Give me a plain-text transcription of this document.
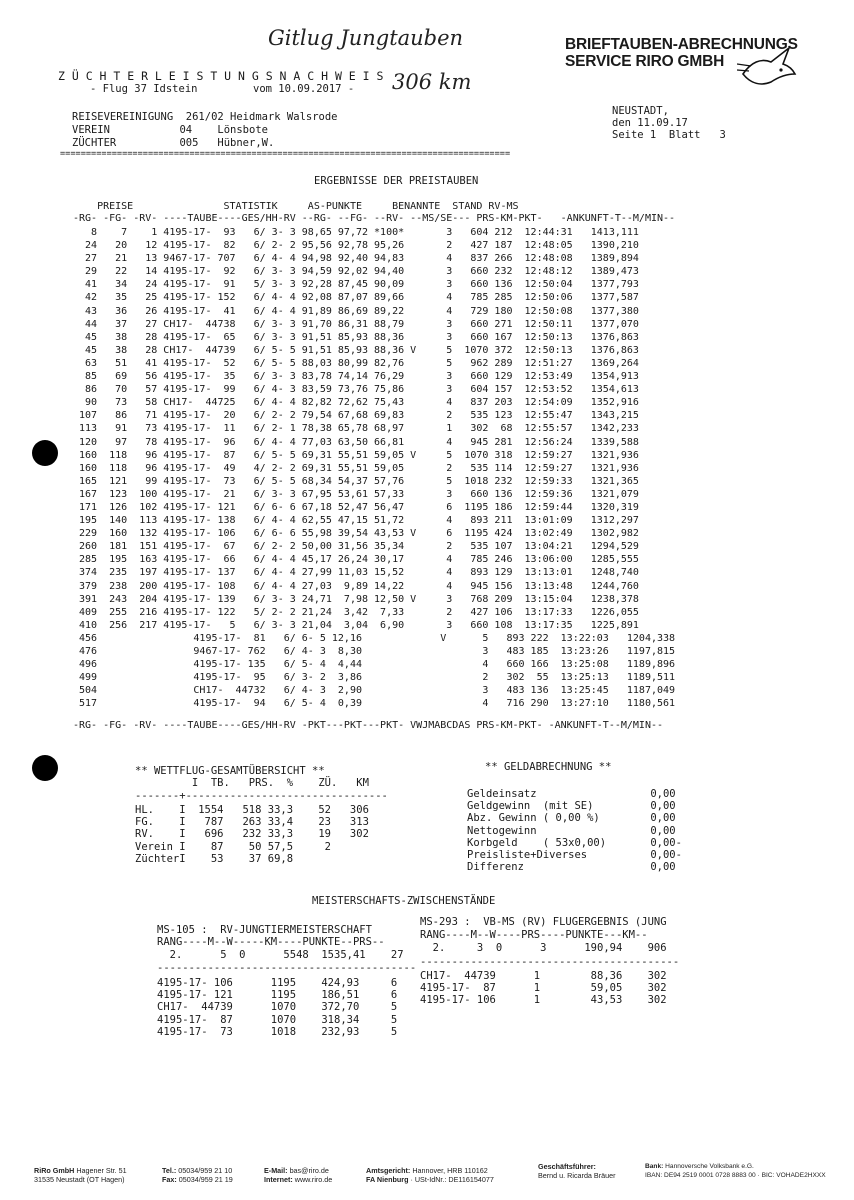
Gitlug Jungtauben
306 km
BRIEFTAUBEN-ABRECHNUNGS
SERVICE RIRO GMBH
Z Ü C H T E R L E I S T U N G S N A C H W E I S
- Flug 37 Idstein	vom 10.09.2017 -
NEUSTADT,
den 11.09.17
Seite 1  Blatt   3
REISEVEREINIGUNG  261/02 Heidmark Walsrode
VEREIN           04    Lönsbote
ZÜCHTER          005   Hübner,W.
=======================================================================================
ERGEBNISSE DER PREISTAUBEN
PREISE               STATISTIK     AS-PUNKTE     BENANNTE  STAND RV-MS
-RG- -FG- -RV- ----TAUBE----GES/HH-RV --RG- --FG- --RV- --MS/SE--- PRS-KM-PKT-   -ANKUNFT-T--M/MIN--
8    7    1 4195-17-  93   6/ 3- 3 98,65 97,72 *100*       3   604 212  12:44:31   1413,111
24   20   12 4195-17-  82   6/ 2- 2 95,56 92,78 95,26       2   427 187  12:48:05   1390,210
27   21   13 9467-17- 707   6/ 4- 4 94,98 92,40 94,83       4   837 266  12:48:08   1389,894
29   22   14 4195-17-  92   6/ 3- 3 94,59 92,02 94,40       3   660 232  12:48:12   1389,473
41   34   24 4195-17-  91   5/ 3- 3 92,28 87,45 90,09       3   660 136  12:50:04   1377,793
42   35   25 4195-17- 152   6/ 4- 4 92,08 87,07 89,66       4   785 285  12:50:06   1377,587
43   36   26 4195-17-  41   6/ 4- 4 91,89 86,69 89,22       4   729 180  12:50:08   1377,380
44   37   27 CH17-  44738   6/ 3- 3 91,70 86,31 88,79       3   660 271  12:50:11   1377,070
45   38   28 4195-17-  65   6/ 3- 3 91,51 85,93 88,36       3   660 167  12:50:13   1376,863
45   38   28 CH17-  44739   6/ 5- 5 91,51 85,93 88,36 V     5  1070 372  12:50:13   1376,863
63   51   41 4195-17-  52   6/ 5- 5 88,03 80,99 82,76       5   962 289  12:51:27   1369,264
85   69   56 4195-17-  35   6/ 3- 3 83,78 74,14 76,29       3   660 129  12:53:49   1354,913
86   70   57 4195-17-  99   6/ 4- 3 83,59 73,76 75,86       3   604 157  12:53:52   1354,613
90   73   58 CH17-  44725   6/ 4- 4 82,82 72,62 75,43       4   837 203  12:54:09   1352,916
107   86   71 4195-17-  20   6/ 2- 2 79,54 67,68 69,83       2   535 123  12:55:47   1343,215
113   91   73 4195-17-  11   6/ 2- 1 78,38 65,78 68,97       1   302  68  12:55:57   1342,233
120   97   78 4195-17-  96   6/ 4- 4 77,03 63,50 66,81       4   945 281  12:56:24   1339,588
160  118   96 4195-17-  87   6/ 5- 5 69,31 55,51 59,05 V     5  1070 318  12:59:27   1321,936
160  118   96 4195-17-  49   4/ 2- 2 69,31 55,51 59,05       2   535 114  12:59:27   1321,936
165  121   99 4195-17-  73   6/ 5- 5 68,34 54,37 57,76       5  1018 232  12:59:33   1321,365
167  123  100 4195-17-  21   6/ 3- 3 67,95 53,61 57,33       3   660 136  12:59:36   1321,079
171  126  102 4195-17- 121   6/ 6- 6 67,18 52,47 56,47       6  1195 186  12:59:44   1320,319
195  140  113 4195-17- 138   6/ 4- 4 62,55 47,15 51,72       4   893 211  13:01:09   1312,297
229  160  132 4195-17- 106   6/ 6- 6 55,98 39,54 43,53 V     6  1195 424  13:02:49   1302,982
260  181  151 4195-17-  67   6/ 2- 2 50,00 31,56 35,34       2   535 107  13:04:21   1294,529
285  195  163 4195-17-  66   6/ 4- 4 45,17 26,24 30,17       4   785 246  13:06:00   1285,555
374  235  197 4195-17- 137   6/ 4- 4 27,99 11,03 15,52       4   893 129  13:13:01   1248,740
379  238  200 4195-17- 108   6/ 4- 4 27,03  9,89 14,22       4   945 156  13:13:48   1244,760
391  243  204 4195-17- 139   6/ 3- 3 24,71  7,98 12,50 V     3   768 209  13:15:04   1238,378
409  255  216 4195-17- 122   5/ 2- 2 21,24  3,42  7,33       2   427 106  13:17:33   1226,055
410  256  217 4195-17-   5   6/ 3- 3 21,04  3,04  6,90       3   660 108  13:17:35   1225,891
456                4195-17-  81   6/ 6- 5 12,16             V      5   893 222  13:22:03   1204,338
476                9467-17- 762   6/ 4- 3  8,30                    3   483 185  13:23:26   1197,815
496                4195-17- 135   6/ 5- 4  4,44                    4   660 166  13:25:08   1189,896
499                4195-17-  95   6/ 3- 2  3,86                    2   302  55  13:25:13   1189,511
504                CH17-  44732   6/ 4- 3  2,90                    3   483 136  13:25:45   1187,049
517                4195-17-  94   6/ 5- 4  0,39                    4   716 290  13:27:10   1180,561
-RG- -FG- -RV- ----TAUBE----GES/HH-RV -PKT---PKT---PKT- VWJMABCDAS PRS-KM-PKT- -ANKUNFT-T--M/MIN--
** WETTFLUG-GESAMTÜBERSICHT **
I  TB.   PRS.  %    ZÜ.   KM
-------+--------------------------------
HL.    I  1554   518 33,3    52   306
FG.    I   787   263 33,4    23   313
RV.    I   696   232 33,3    19   302
Verein I    87    50 57,5     2
ZüchterI    53    37 69,8
** GELDABRECHNUNG **
Geldeinsatz                  0,00
Geldgewinn  (mit SE)         0,00
Abz. Gewinn ( 0,00 %)        0,00
Nettogewinn                  0,00
Korbgeld    ( 53x0,00)       0,00-
Preisliste+Diverses          0,00-
Differenz                    0,00
MEISTERSCHAFTS-ZWISCHENSTÄNDE
MS-105 :  RV-JUNGTIERMEISTERSCHAFT
RANG----M--W-----KM----PUNKTE--PRS--
2.      5  0      5548  1535,41    27
-----------------------------------------
4195-17- 106      1195    424,93     6
4195-17- 121      1195    186,51     6
CH17-  44739      1070    372,70     5
4195-17-  87      1070    318,34     5
4195-17-  73      1018    232,93     5
MS-293 :  VB-MS (RV) FLUGERGEBNIS (JUNG
RANG----M--W----PRS----PUNKTE---KM--
2.     3  0      3      190,94    906
-----------------------------------------
CH17-  44739      1        88,36    302
4195-17-  87      1        59,05    302
4195-17- 106      1        43,53    302
RiRo GmbH Hagener Str. 51
31535 Neustadt (OT Hagen)
Tel.: 05034/959 21 10
Fax: 05034/959 21 19
E-Mail: bas@riro.de
Internet: www.riro.de
Amtsgericht: Hannover, HRB 110162
FA Nienburg · USt-IdNr.: DE116154077
Geschäftsführer:
Bernd u. Ricarda Bräuer
Bank: Hannoversche Volksbank e.G.
IBAN: DE94 2519 0001 0728 8883 00 · BIC: VOHADE2HXXX
